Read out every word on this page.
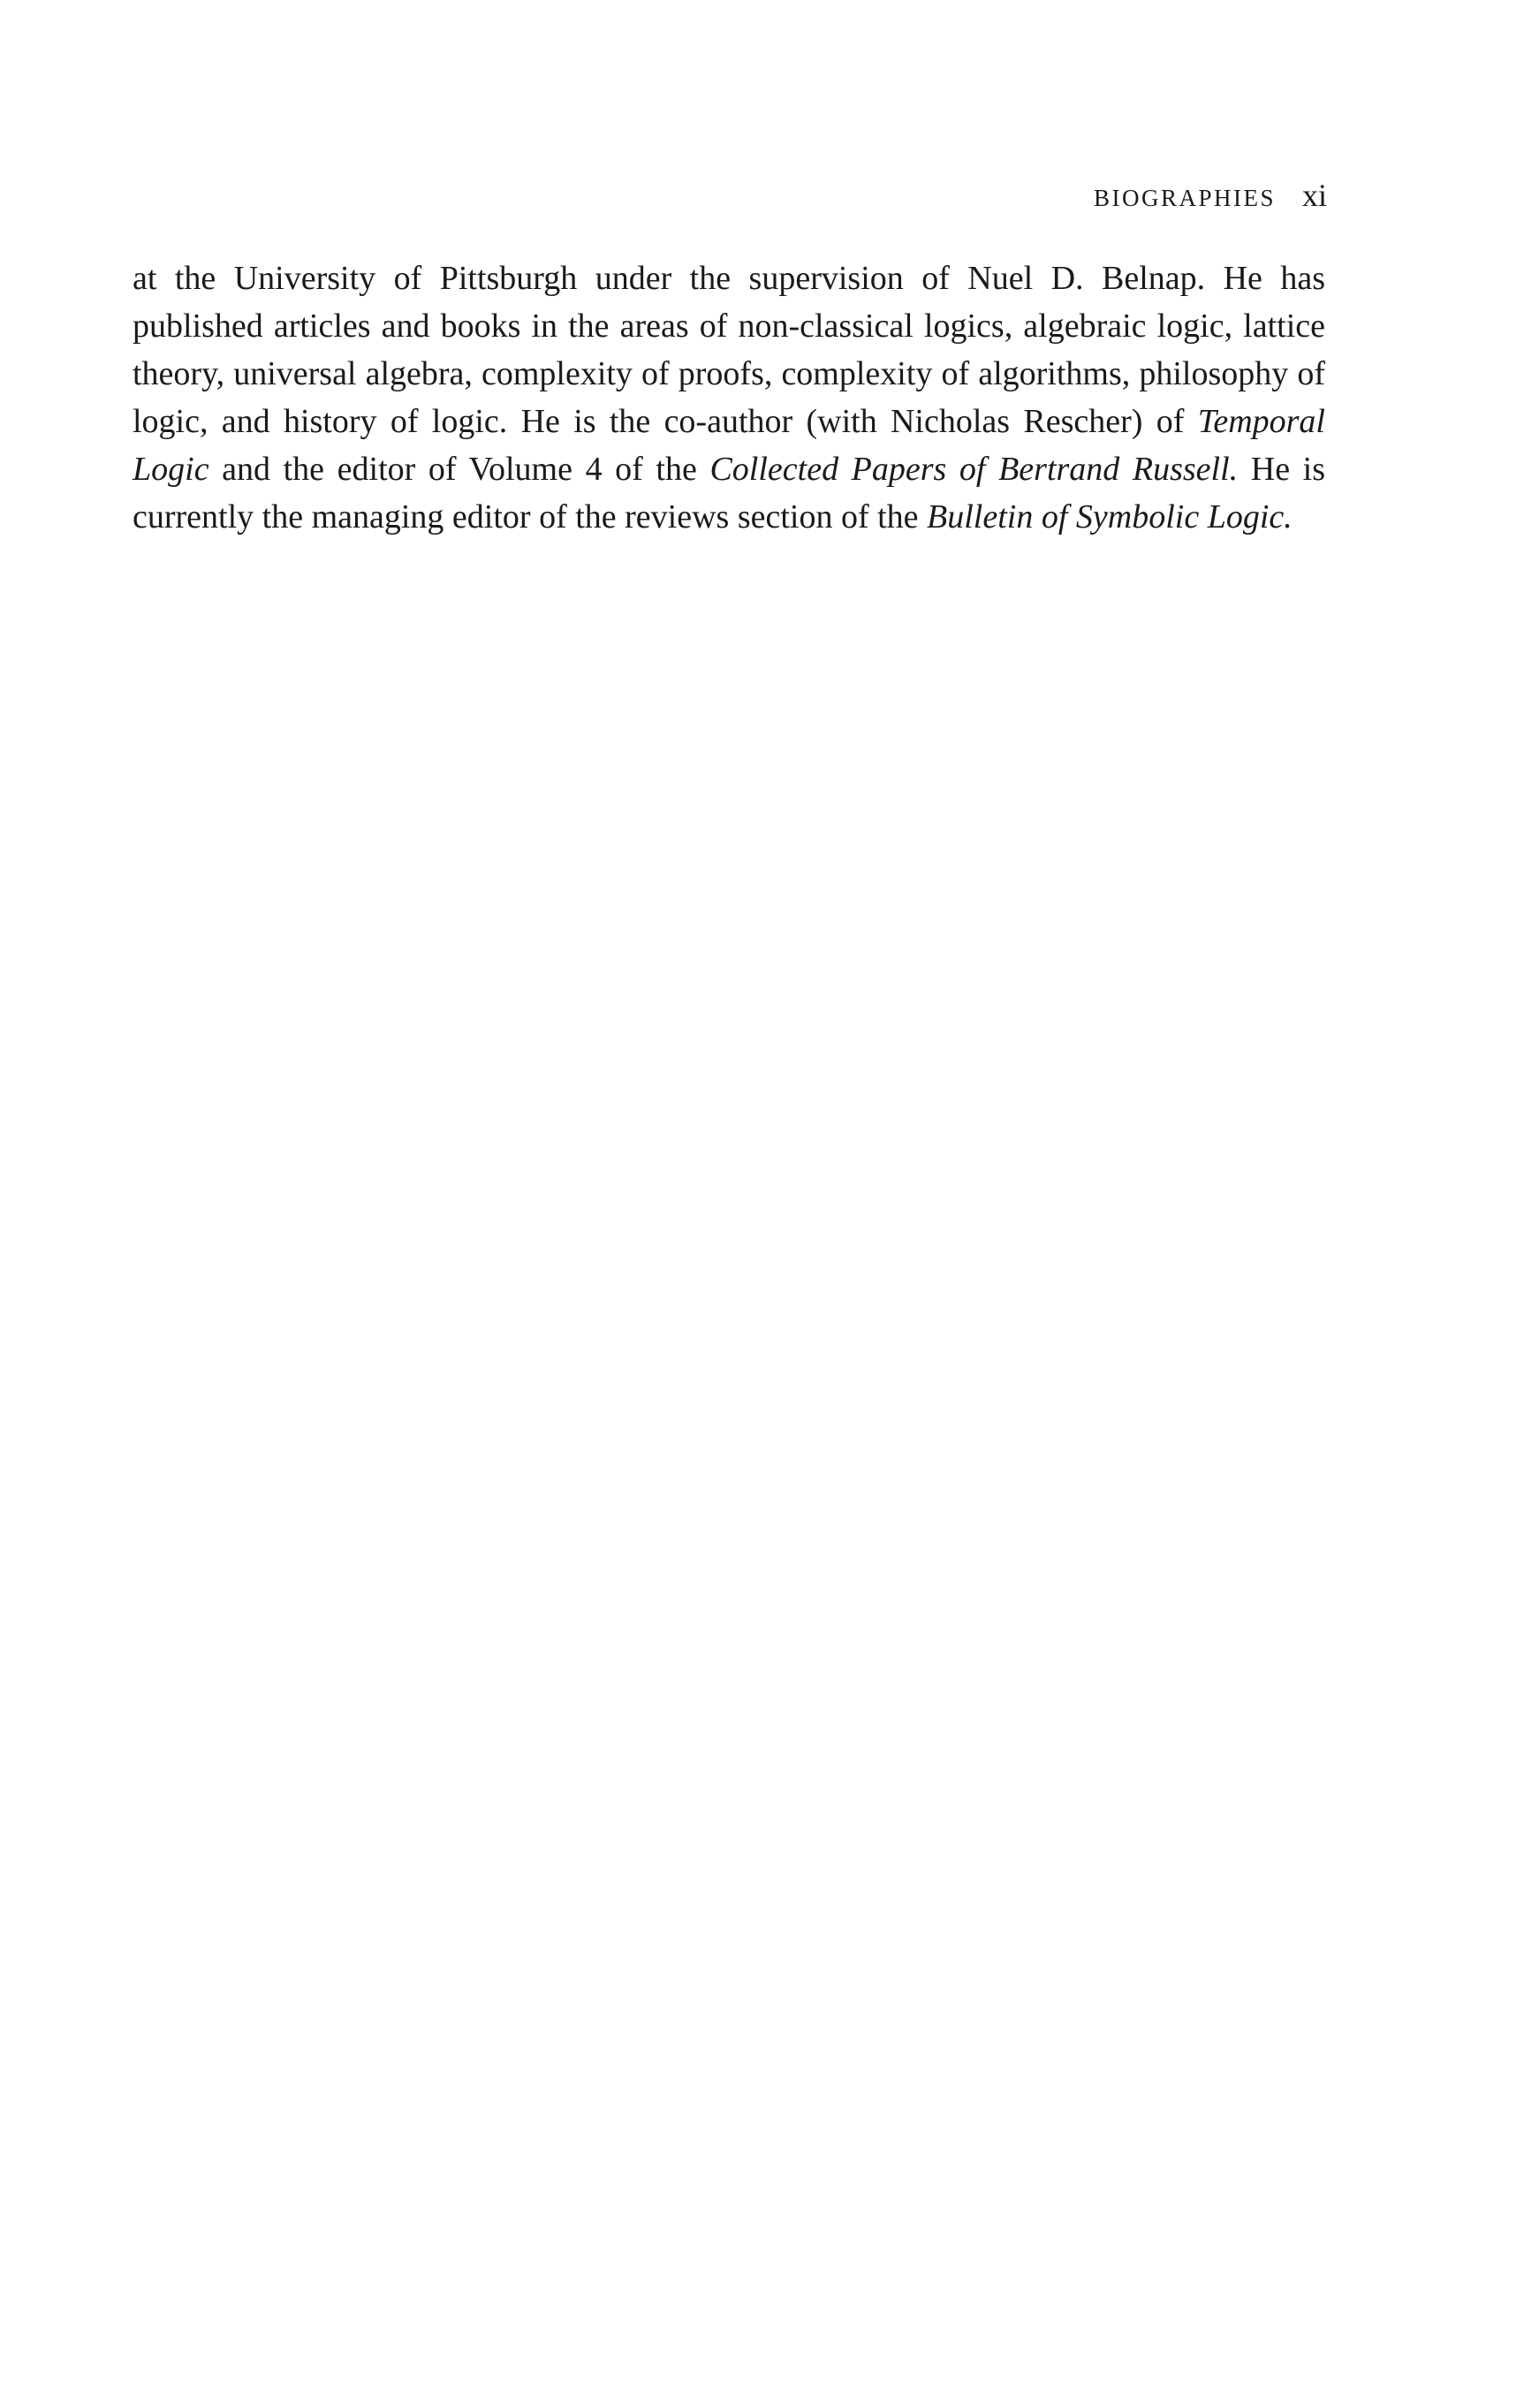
BIOGRAPHIES xi

at the University of Pittsburgh under the supervision of Nuel D. Belnap. He has published articles and books in the areas of non-classical logics, algebraic logic, lattice theory, universal algebra, complexity of proofs, complexity of algorithms, philosophy of logic, and history of logic. He is the co-author (with Nicholas Rescher) of Temporal Logic and the editor of Volume 4 of the Collected Papers of Bertrand Russell. He is currently the managing editor of the reviews section of the Bulletin of Symbolic Logic.
